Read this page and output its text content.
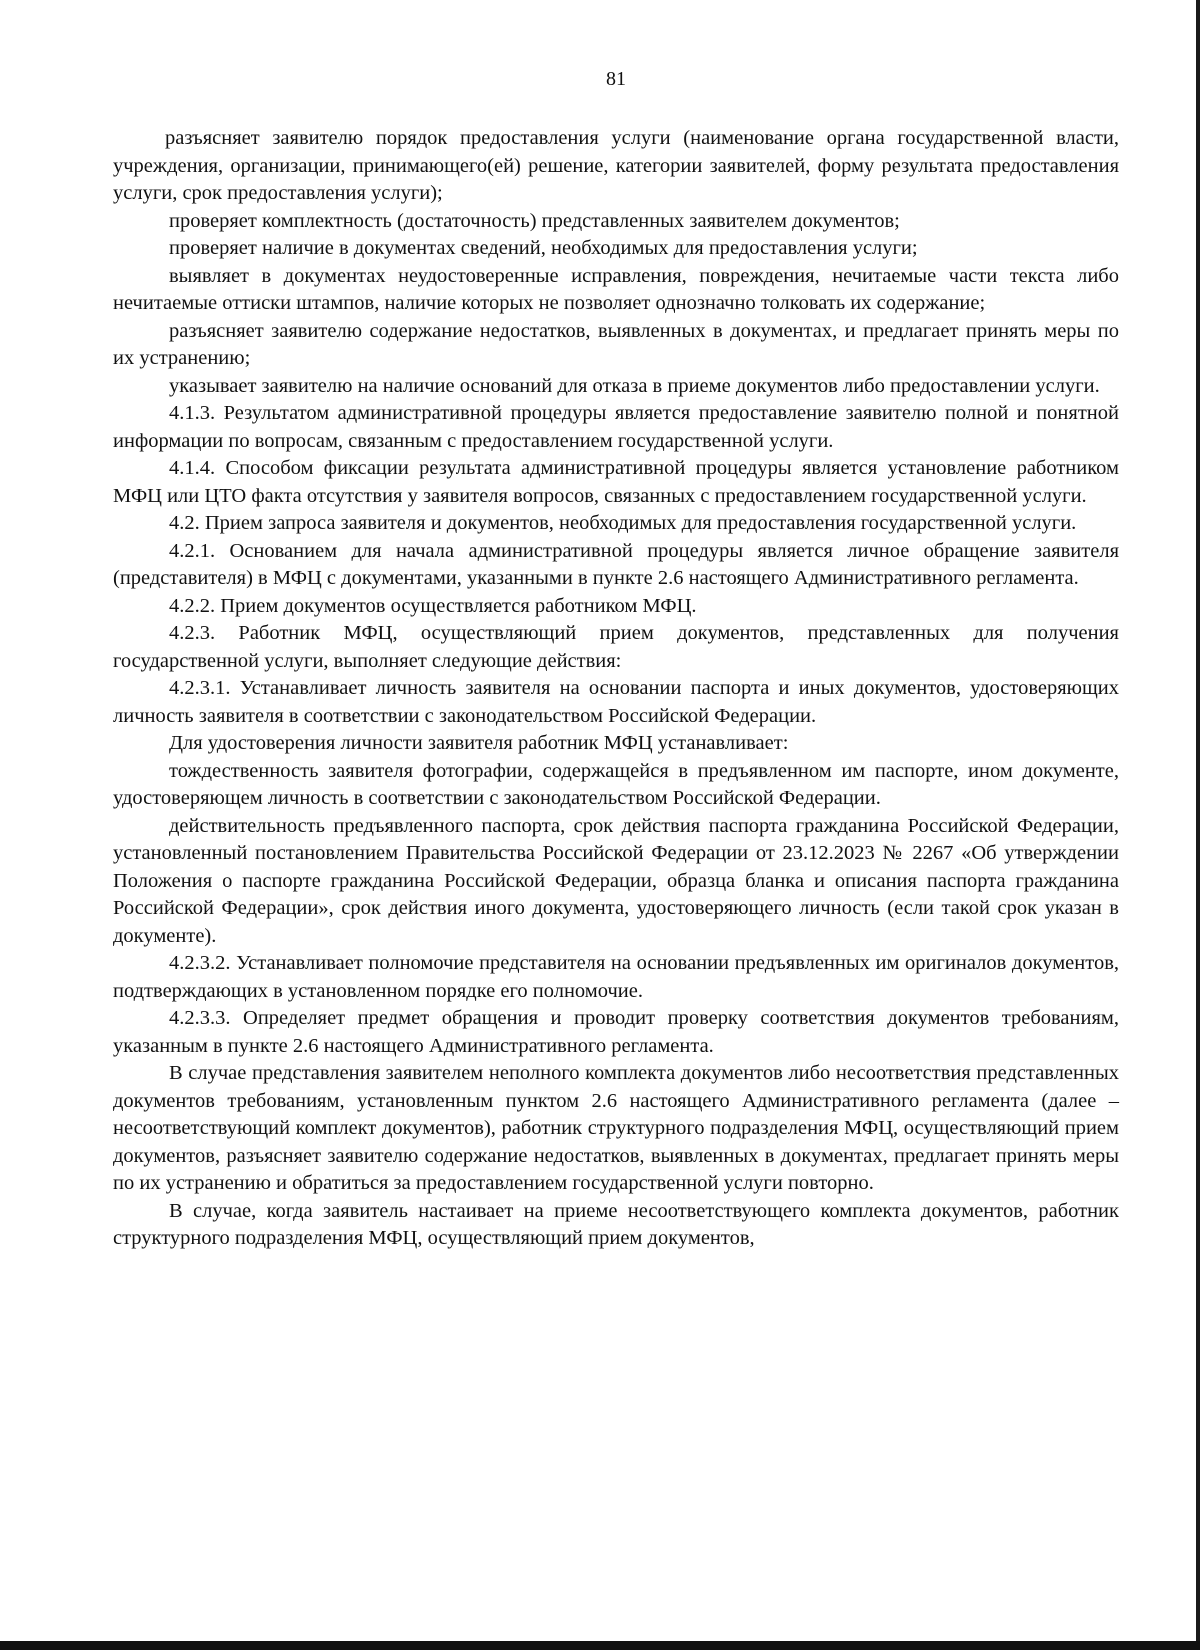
81

разъясняет заявителю порядок предоставления услуги (наименование органа государственной власти, учреждения, организации, принимающего(ей) решение, категории заявителей, форму результата предоставления услуги, срок предоставления услуги);

проверяет комплектность (достаточность) представленных заявителем документов;

проверяет наличие в документах сведений, необходимых для предоставления услуги;

выявляет в документах неудостоверенные исправления, повреждения, нечитаемые части текста либо нечитаемые оттиски штампов, наличие которых не позволяет однозначно толковать их содержание;

разъясняет заявителю содержание недостатков, выявленных в документах, и предлагает принять меры по их устранению;

указывает заявителю на наличие оснований для отказа в приеме документов либо предоставлении услуги.

4.1.3. Результатом административной процедуры является предоставление заявителю полной и понятной информации по вопросам, связанным с предоставлением государственной услуги.

4.1.4. Способом фиксации результата административной процедуры является установление работником МФЦ или ЦТО факта отсутствия у заявителя вопросов, связанных с предоставлением государственной услуги.

4.2. Прием запроса заявителя и документов, необходимых для предоставления государственной услуги.

4.2.1. Основанием для начала административной процедуры является личное обращение заявителя (представителя) в МФЦ с документами, указанными в пункте 2.6 настоящего Административного регламента.

4.2.2. Прием документов осуществляется работником МФЦ.

4.2.3. Работник МФЦ, осуществляющий прием документов, представленных для получения государственной услуги, выполняет следующие действия:

4.2.3.1. Устанавливает личность заявителя на основании паспорта и иных документов, удостоверяющих личность заявителя в соответствии с законодательством Российской Федерации.

Для удостоверения личности заявителя работник МФЦ устанавливает:

тождественность заявителя фотографии, содержащейся в предъявленном им паспорте, ином документе, удостоверяющем личность в соответствии с законодательством Российской Федерации.

действительность предъявленного паспорта, срок действия паспорта гражданина Российской Федерации, установленный постановлением Правительства Российской Федерации от 23.12.2023 № 2267 «Об утверждении Положения о паспорте гражданина Российской Федерации, образца бланка и описания паспорта гражданина Российской Федерации», срок действия иного документа, удостоверяющего личность (если такой срок указан в документе).

4.2.3.2. Устанавливает полномочие представителя на основании предъявленных им оригиналов документов, подтверждающих в установленном порядке его полномочие.

4.2.3.3. Определяет предмет обращения и проводит проверку соответствия документов требованиям, указанным в пункте 2.6 настоящего Административного регламента.

В случае представления заявителем неполного комплекта документов либо несоответствия представленных документов требованиям, установленным пунктом 2.6 настоящего Административного регламента (далее – несоответствующий комплект документов), работник структурного подразделения МФЦ, осуществляющий прием документов, разъясняет заявителю содержание недостатков, выявленных в документах, предлагает принять меры по их устранению и обратиться за предоставлением государственной услуги повторно.

В случае, когда заявитель настаивает на приеме несоответствующего комплекта документов, работник структурного подразделения МФЦ, осуществляющий прием документов,
